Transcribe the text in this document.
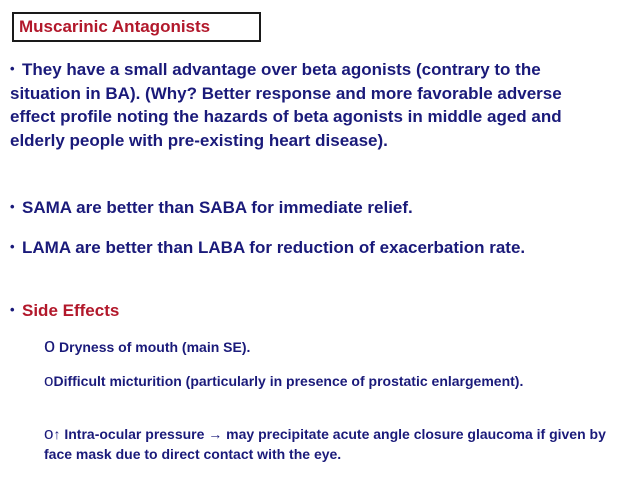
Muscarinic Antagonists
• They have a small advantage over beta agonists (contrary to the situation in BA). (Why? Better response and more favorable adverse effect profile noting the hazards of beta agonists in middle aged and elderly people with pre-existing heart disease).
• SAMA are better than SABA for immediate relief.
• LAMA are better than LABA for reduction of exacerbation rate.
• Side Effects
o Dryness of mouth (main SE).
oDifficult micturition (particularly in presence of prostatic enlargement).
o↑ Intra-ocular pressure → may precipitate acute angle closure glaucoma if given by face mask due to direct contact with the eye.
